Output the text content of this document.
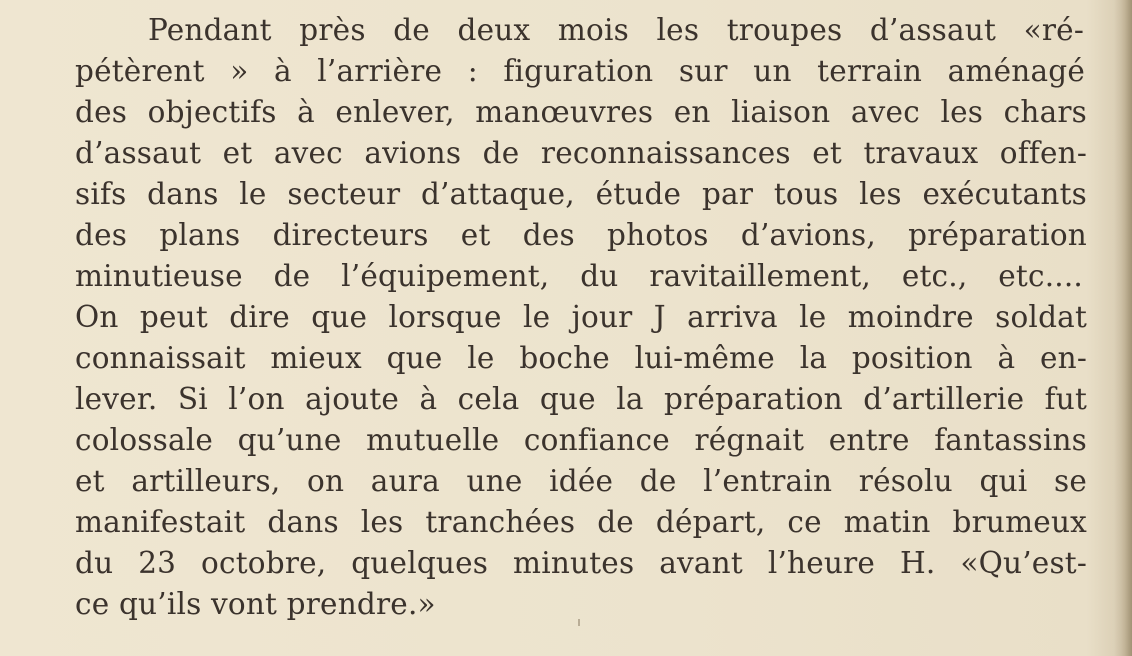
Pendant près de deux mois les troupes d’assaut «ré-

pétèrent » à l’arrière : figuration sur un terrain aménagé

des objectifs à enlever, manœuvres en liaison avec les chars

d’assaut et avec avions de reconnaissances et travaux offen-

sifs dans le secteur d’attaque, étude par tous les exécutants

des plans directeurs et des photos d’avions, préparation

minutieuse de l’équipement, du ravitaillement, etc., etc....

On peut dire que lorsque le jour J arriva le moindre soldat

connaissait mieux que le boche lui-même la position à en-

lever. Si l’on ajoute à cela que la préparation d’artillerie fut

colossale qu’une mutuelle confiance régnait entre fantassins

et artilleurs, on aura une idée de l’entrain résolu qui se

manifestait dans les tranchées de départ, ce matin brumeux

du 23 octobre, quelques minutes avant l’heure H. «Qu’est-

ce qu’ils vont prendre.»
